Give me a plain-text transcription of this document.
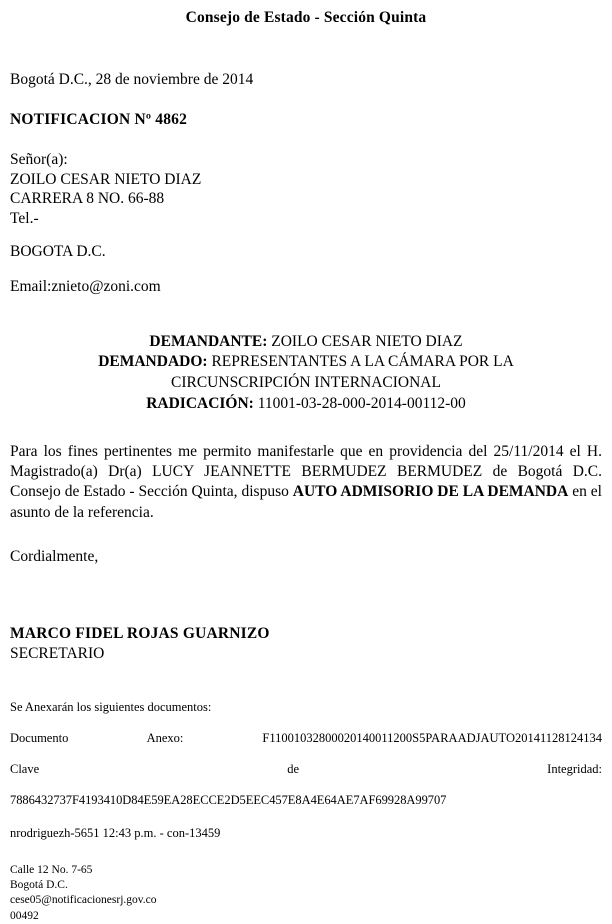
Consejo de Estado - Sección Quinta

Bogotá D.C., 28 de noviembre de 2014

NOTIFICACION Nº 4862

Señor(a):
ZOILO CESAR NIETO DIAZ
CARRERA 8 NO. 66-88
Tel.-

BOGOTA D.C.

Email:znieto@zoni.com

DEMANDANTE: ZOILO CESAR NIETO DIAZ
DEMANDADO: REPRESENTANTES A LA CÁMARA POR LA
CIRCUNSCRIPCIÓN INTERNACIONAL
RADICACIÓN: 11001-03-28-000-2014-00112-00

Para los fines pertinentes me permito manifestarle que en providencia del 25/11/2014 el H. Magistrado(a) Dr(a) LUCY JEANNETTE BERMUDEZ BERMUDEZ de Bogotá D.C. Consejo de Estado - Sección Quinta, dispuso AUTO ADMISORIO DE LA DEMANDA en el asunto de la referencia.

Cordialmente,

MARCO FIDEL ROJAS GUARNIZO
SECRETARIO

Se Anexarán los siguientes documentos:

Documento	Anexo:	F11001032800020140011200S5PARAADJAUTO20141128124134

Clave	de	Integridad:

7886432737F4193410D84E59EA28ECCE2D5EEC457E8A4E64AE7AF69928A99707

nrodriguezh-5651 12:43 p.m. - con-13459

Calle 12 No. 7-65
Bogotá D.C.
cese05@notificacionesrj.gov.co
00492
